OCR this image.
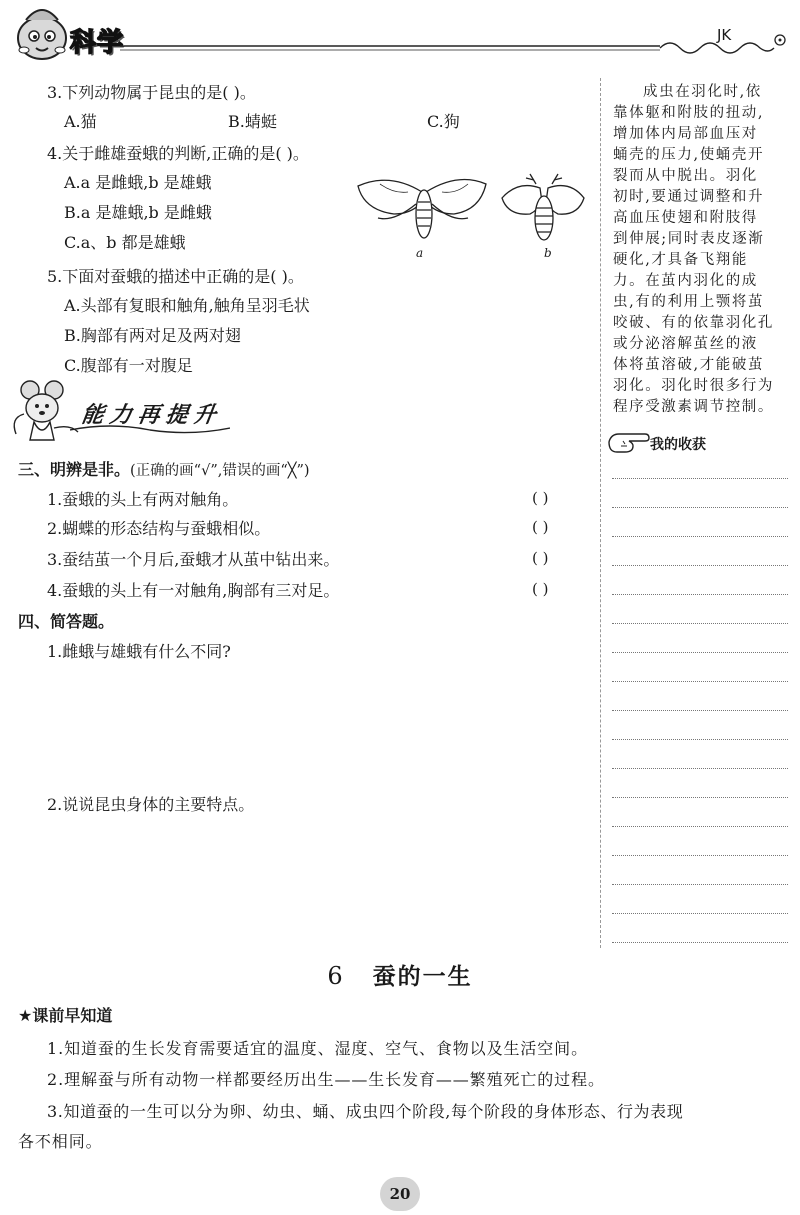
科学	JK
3.下列动物属于昆虫的是( )。
A.猫	B.蜻蜓	C.狗
4.关于雌雄蚕蛾的判断,正确的是( )。
A.a 是雌蛾,b 是雄蛾
B.a 是雄蛾,b 是雌蛾
C.a、b 都是雄蛾
a	b
5.下面对蚕蛾的描述中正确的是( )。
A.头部有复眼和触角,触角呈羽毛状
B.胸部有两对足及两对翅
C.腹部有一对腹足
能力再提升
三、明辨是非。(正确的画“√”,错误的画“╳”)
1.蚕蛾的头上有两对触角。	( )
2.蝴蝶的形态结构与蚕蛾相似。	( )
3.蚕结茧一个月后,蚕蛾才从茧中钻出来。	( )
4.蚕蛾的头上有一对触角,胸部有三对足。	( )
四、简答题。
1.雌蛾与雄蛾有什么不同?
2.说说昆虫身体的主要特点。
成虫在羽化时,依
靠体躯和附肢的扭动,
增加体内局部血压对
蛹壳的压力,使蛹壳开
裂而从中脱出。羽化
初时,要通过调整和升
高血压使翅和附肢得
到伸展;同时表皮逐渐
硬化,才具备飞翔能
力。在茧内羽化的成
虫,有的利用上颚将茧
咬破、有的依靠羽化孔
或分泌溶解茧丝的液
体将茧溶破,才能破茧
羽化。羽化时很多行为
程序受激素调节控制。
我的收获
6 蚕的一生
★课前早知道
1.知道蚕的生长发育需要适宜的温度、湿度、空气、食物以及生活空间。
2.理解蚕与所有动物一样都要经历出生——生长发育——繁殖死亡的过程。
3.知道蚕的一生可以分为卵、幼虫、蛹、成虫四个阶段,每个阶段的身体形态、行为表现
各不相同。
20
